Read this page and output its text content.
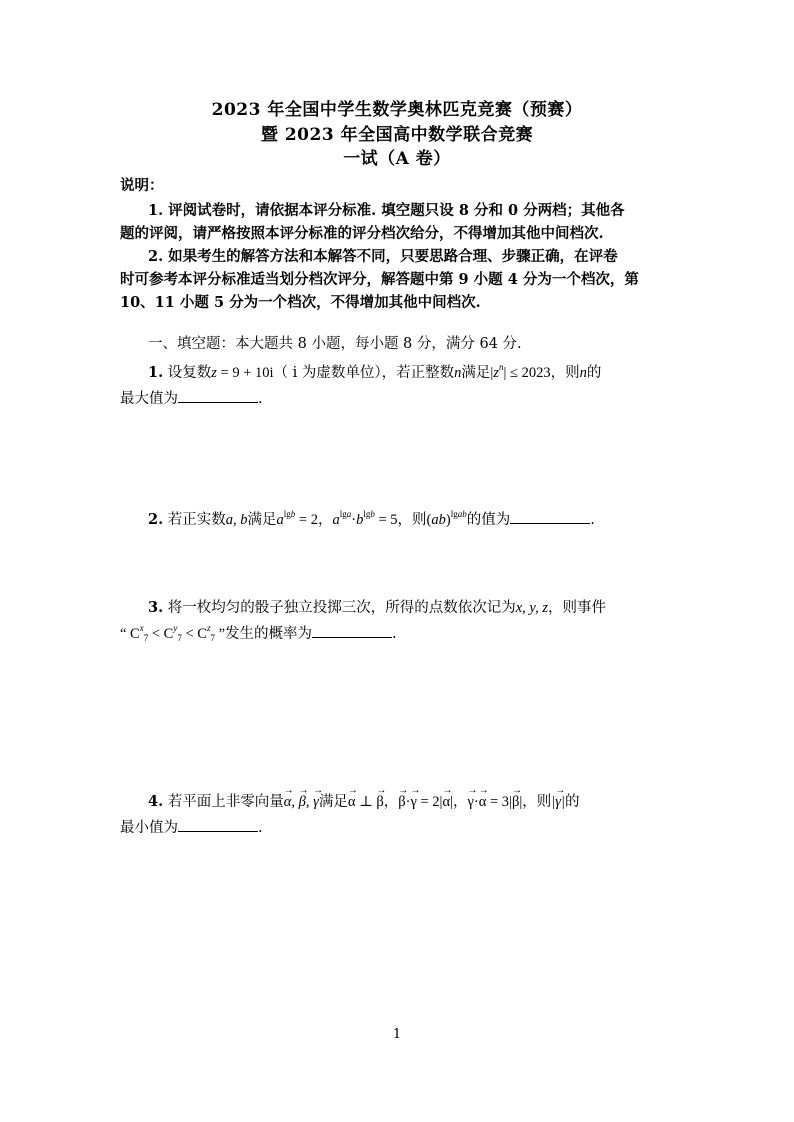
2023 年全国中学生数学奥林匹克竞赛（预赛）
暨 2023 年全国高中数学联合竞赛
一试（A 卷）
说明：
1. 评阅试卷时，请依据本评分标准. 填空题只设 8 分和 0 分两档；其他各
题的评阅，请严格按照本评分标准的评分档次给分，不得增加其他中间档次.
2. 如果考生的解答方法和本解答不同，只要思路合理、步骤正确，在评卷
时可参考本评分标准适当划分档次评分，解答题中第 9 小题 4 分为一个档次，第
10、11 小题 5 分为一个档次，不得增加其他中间档次.
一、填空题：本大题共 8 小题，每小题 8 分，满分 64 分.
1. 设复数z = 9 + 10i（ i 为虚数单位），若正整数n满足$|z^n| \le 2023$，则n的
最大值为	.
2. 若正实数a, b满足$a^{lgb} = 2$，$a^{lga}\cdot b^{lgb} = 5$，则(ab)$^{lgab}$的值为	.
3. 将一枚均匀的骰子独立投掷三次，所得的点数依次记为x, y, z，则事件
“ $C^x_7 < C^y_7 < C^z_7$ ”发生的概率为	.
4. 若平面上非零向量→ α, → β, → γ满足→ α ⊥ → β，→ β·→ γ = 2|→ α|，→ γ·→ α = 3|→ β|，则|→ γ|的
最小值为	.
1
